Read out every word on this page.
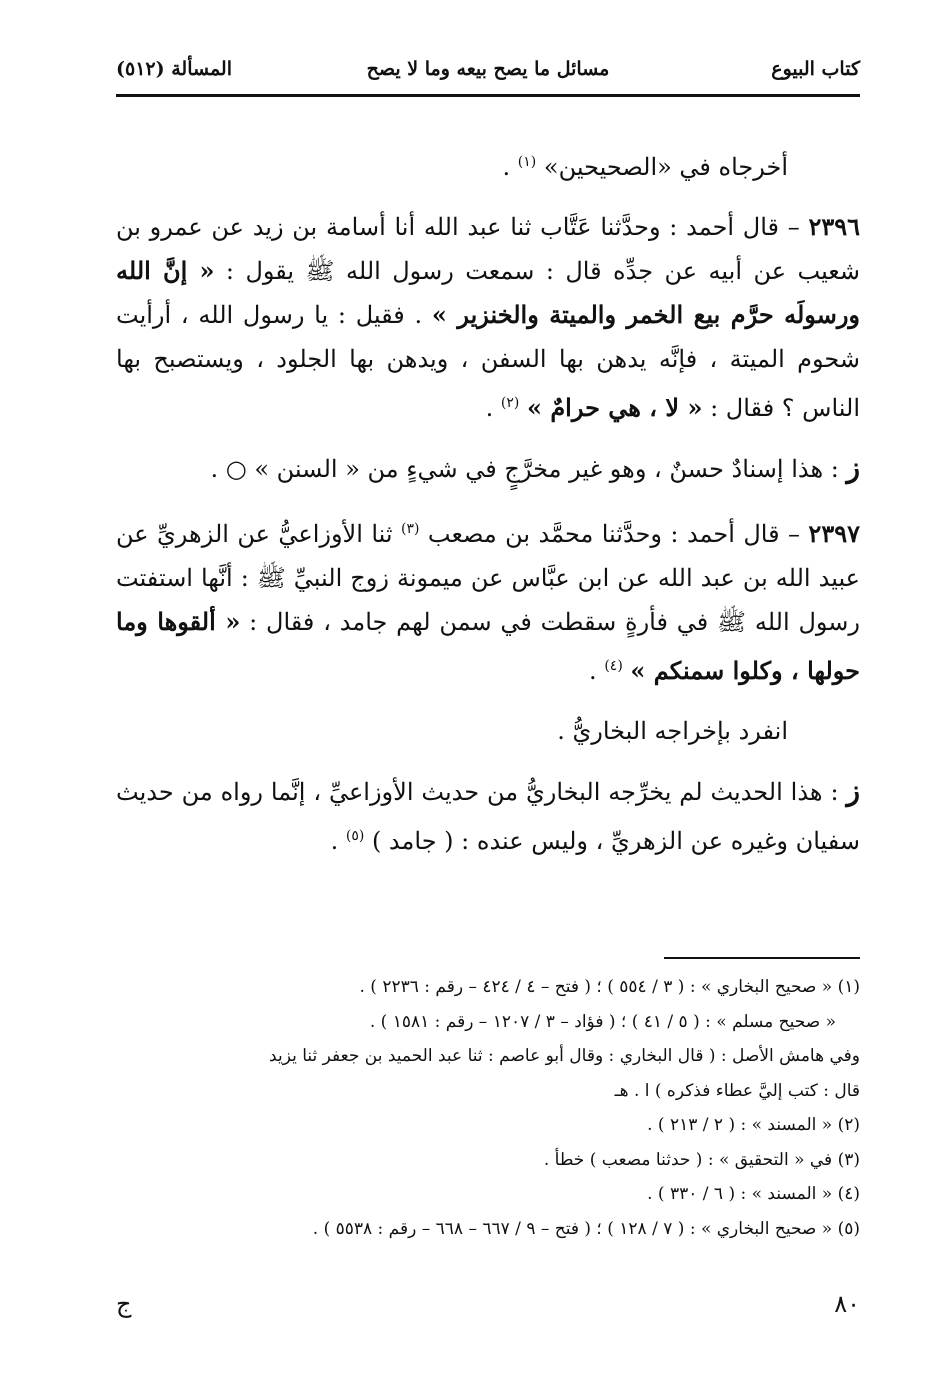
كتاب البيوع
مسائل ما يصح بيعه وما لا يصح
المسألة (٥١٢)

أخرجاه في «الصحيحين» $^{(١)}$ .

٢٣٩٦ – قال أحمد : وحدَّثنا عَتَّاب ثنا عبد الله أنا أسامة بن زيد عن عمرو بن شعيب عن أبيه عن جدِّه قال : سمعت رسول الله ﷺ يقول : « إنَّ الله ورسولَه حرَّم بيع الخمر والميتة والخنزير » . فقيل : يا رسول الله ، أرأيت شحوم الميتة ، فإنَّه يدهن بها السفن ، ويدهن بها الجلود ، ويستصبح بها الناس ؟ فقال : « لا ، هي حرامٌ » $^{(٢)}$ .

ز : هذا إسنادٌ حسنٌ ، وهو غير مخرَّجٍ في شيءٍ من « السنن » ○ .

٢٣٩٧ – قال أحمد : وحدَّثنا محمَّد بن مصعب $^{(٣)}$ ثنا الأوزاعيُّ عن الزهريِّ عن عبيد الله بن عبد الله عن ابن عبَّاس عن ميمونة زوج النبيِّ ﷺ : أنَّها استفتت رسول الله ﷺ في فأرةٍ سقطت في سمن لهم جامد ، فقال : « ألقوها وما حولها ، وكلوا سمنكم » $^{(٤)}$ .

انفرد بإخراجه البخاريُّ .

ز : هذا الحديث لم يخرِّجه البخاريُّ من حديث الأوزاعيِّ ، إنَّما رواه من حديث سفيان وغيره عن الزهريِّ ، وليس عنده : ( جامد ) $^{(٥)}$ .

(١) « صحيح البخاري » : ( ٣ / ٥٥٤ ) ؛ ( فتح – ٤ / ٤٢٤ – رقم : ٢٢٣٦ ) .

« صحيح مسلم » : ( ٥ / ٤١ ) ؛ ( فؤاد – ٣ / ١٢٠٧ – رقم : ١٥٨١ ) .

وفي هامش الأصل : ( قال البخاري : وقال أبو عاصم : ثنا عبد الحميد بن جعفر ثنا يزيد

قال : كتب إليَّ عطاء فذكره ) ا . هـ

(٢) « المسند » : ( ٢ / ٢١٣ ) .

(٣) في « التحقيق » : ( حدثنا مصعب ) خطأ .

(٤) « المسند » : ( ٦ / ٣٣٠ ) .

(٥) « صحيح البخاري » : ( ٧ / ١٢٨ ) ؛ ( فتح – ٩ / ٦٦٧ – ٦٦٨ – رقم : ٥٥٣٨ ) .

٨٠
ج
